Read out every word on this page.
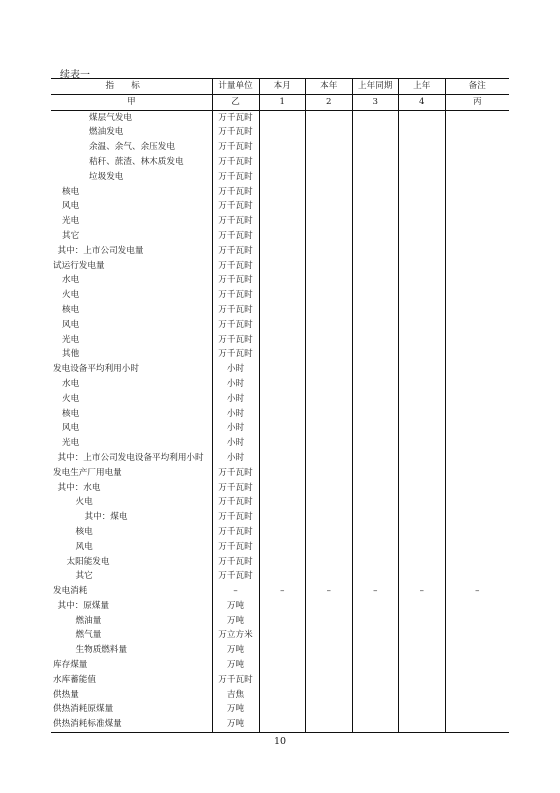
续表一
指标	计量单位	本月	本年	上年同期	上年	备注
甲	乙	1	2	3	4	丙
煤层气发电	万千瓦时					
燃油发电	万千瓦时					
余温、余气、余压发电	万千瓦时					
秸秆、蔗渣、林木质发电	万千瓦时					
垃圾发电	万千瓦时					
核电	万千瓦时					
风电	万千瓦时					
光电	万千瓦时					
其它	万千瓦时					
其中：上市公司发电量	万千瓦时					
试运行发电量	万千瓦时					
水电	万千瓦时					
火电	万千瓦时					
核电	万千瓦时					
风电	万千瓦时					
光电	万千瓦时					
其他	万千瓦时					
发电设备平均利用小时	小时					
水电	小时					
火电	小时					
核电	小时					
风电	小时					
光电	小时					
其中：上市公司发电设备平均利用小时	小时					
发电生产厂用电量	万千瓦时					
其中：水电	万千瓦时					
火电	万千瓦时					
其中：煤电	万千瓦时					
核电	万千瓦时					
风电	万千瓦时					
太阳能发电	万千瓦时					
其它	万千瓦时					
发电消耗	–	–	–	–	–	–
其中：原煤量	万吨					
燃油量	万吨					
燃气量	万立方米					
生物质燃料量	万吨					
库存煤量	万吨					
水库蓄能值	万千瓦时					
供热量	吉焦					
供热消耗原煤量	万吨					
供热消耗标准煤量	万吨					
10
